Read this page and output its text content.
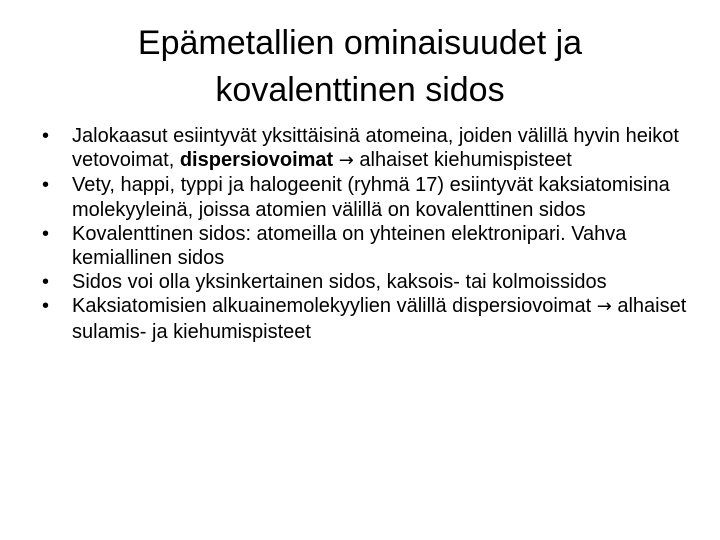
Epämetallien ominaisuudet ja
kovalenttinen sidos
• Jalokaasut esiintyvät yksittäisinä atomeina, joiden välillä hyvin heikot vetovoimat, dispersiovoimat → alhaiset kiehumispisteet
• Vety, happi, typpi ja halogeenit (ryhmä 17) esiintyvät kaksiatomisina molekyyleinä, joissa atomien välillä on kovalenttinen sidos
• Kovalenttinen sidos: atomeilla on yhteinen elektronipari. Vahva kemiallinen sidos
• Sidos voi olla yksinkertainen sidos, kaksois- tai kolmoissidos
• Kaksiatomisien alkuainemolekyylien välillä dispersiovoimat → alhaiset sulamis- ja kiehumispisteet
